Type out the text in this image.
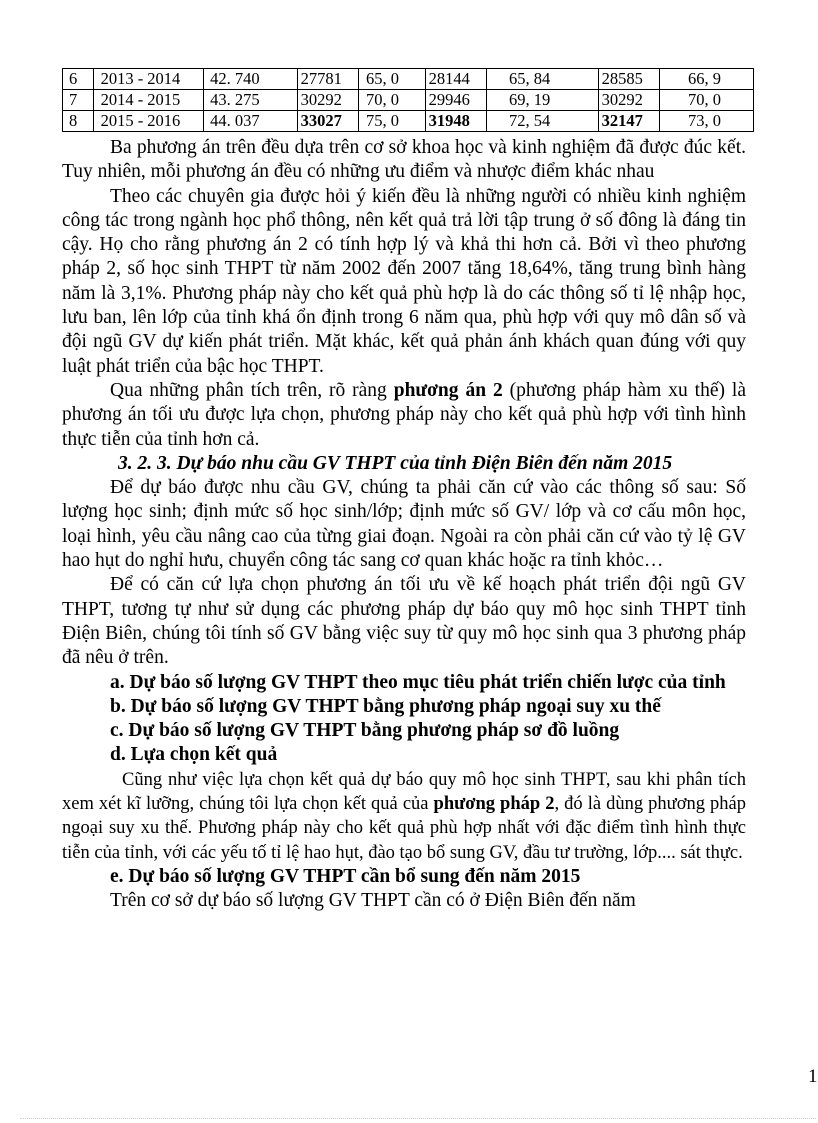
6	2013 - 2014	42. 740	27781	65, 0	28144	65, 84	28585	66, 9
7	2014 - 2015	43. 275	30292	70, 0	29946	69, 19	30292	70, 0
8	2015 - 2016	44. 037	33027	75, 0	31948	72, 54	32147	73, 0

Ba phương án trên đều dựa trên cơ sở khoa học và kinh nghiệm đã được đúc kết. Tuy nhiên, mỗi phương án đều có những ưu điểm và nhược điểm khác nhau

Theo các chuyên gia được hỏi ý kiến đều là những người có nhiều kinh nghiệm công tác trong ngành học phổ thông, nên kết quả trả lời tập trung ở số đông là đáng tin cậy. Họ cho rằng phương án 2 có tính hợp lý và khả thi hơn cả. Bởi vì theo phương pháp 2, số học sinh THPT từ năm 2002 đến 2007 tăng 18,64%, tăng trung bình hàng năm là 3,1%. Phương pháp này cho kết quả phù hợp là do các thông số tỉ lệ nhập học, lưu ban, lên lớp của tỉnh khá ổn định trong 6 năm qua, phù hợp với quy mô dân số và đội ngũ GV dự kiến phát triển. Mặt khác, kết quả phản ánh khách quan đúng với quy luật phát triển của bậc học THPT.

Qua những phân tích trên, rõ ràng phương án 2 (phương pháp hàm xu thế) là phương án tối ưu được lựa chọn, phương pháp này cho kết quả phù hợp với tình hình thực tiễn của tỉnh hơn cả.

3. 2. 3. Dự báo nhu cầu GV THPT của tỉnh Điện Biên đến năm 2015

Để dự báo được nhu cầu GV, chúng ta phải căn cứ vào các thông số sau: Số lượng học sinh; định mức số học sinh/lớp; định mức số GV/ lớp và cơ cấu môn học, loại hình, yêu cầu nâng cao của từng giai đoạn. Ngoài ra còn phải căn cứ vào tỷ lệ GV hao hụt do nghỉ hưu, chuyển công tác sang cơ quan khác hoặc ra tỉnh khỏc…

Để có căn cứ lựa chọn phương án tối ưu về kế hoạch phát triển đội ngũ GV THPT, tương tự như sử dụng các phương pháp dự báo quy mô học sinh THPT tỉnh Điện Biên, chúng tôi tính số GV bằng việc suy từ quy mô học sinh qua 3 phương pháp đã nêu ở trên.

a. Dự báo số lượng GV THPT theo mục tiêu phát triển chiến lược của tỉnh

b. Dự báo số lượng GV THPT bằng phương pháp ngoại suy xu thế

c. Dự báo số lượng GV THPT bằng phương pháp sơ đồ luồng

d. Lựa chọn kết quả

Cũng như việc lựa chọn kết quả dự báo quy mô học sinh THPT, sau khi phân tích xem xét kĩ lưỡng, chúng tôi lựa chọn kết quả của phương pháp 2, đó là dùng phương pháp ngoại suy xu thế. Phương pháp này cho kết quả phù hợp nhất với đặc điểm tình hình thực tiễn của tỉnh, với các yếu tố tỉ lệ hao hụt, đào tạo bổ sung GV, đầu tư trường, lớp.... sát thực.

e. Dự báo số lượng GV THPT cần bổ sung đến năm 2015

Trên cơ sở dự báo số lượng GV THPT cần có ở Điện Biên đến năm

1
